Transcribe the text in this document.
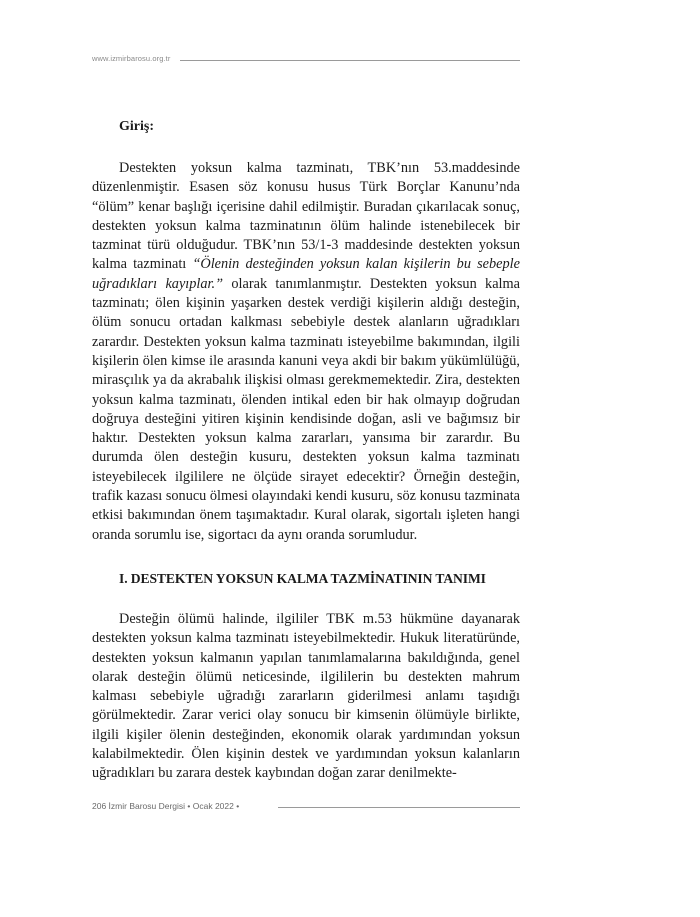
www.izmirbarosu.org.tr
Giriş:

Destekten yoksun kalma tazminatı, TBK’nın 53.maddesinde düzenlenmiştir. Esasen söz konusu husus Türk Borçlar Kanunu’nda “ölüm” kenar başlığı içerisine dahil edilmiştir. Buradan çıkarılacak sonuç, destekten yoksun kalma tazminatının ölüm halinde istenebilecek bir tazminat türü olduğudur. TBK’nın 53/1-3 maddesinde destekten yoksun kalma tazminatı “Ölenin desteğinden yoksun kalan kişilerin bu sebeple uğradıkları kayıplar.” olarak tanımlanmıştır. Destekten yoksun kalma tazminatı; ölen kişinin yaşarken destek verdiği kişilerin aldığı desteğin, ölüm sonucu ortadan kalkması sebebiyle destek alanların uğradıkları zarardır. Destekten yoksun kalma tazminatı isteyebilme bakımından, ilgili kişilerin ölen kimse ile arasında kanuni veya akdi bir bakım yükümlülüğü, mirasçılık ya da akrabalık ilişkisi olması gerekmemektedir. Zira, destekten yoksun kalma tazminatı, ölenden intikal eden bir hak olmayıp doğrudan doğruya desteğini yitiren kişinin kendisinde doğan, asli ve bağımsız bir haktır. Destekten yoksun kalma zararları, yansıma bir zarardır. Bu durumda ölen desteğin kusuru, destekten yoksun kalma tazminatı isteyebilecek ilgililere ne ölçüde sirayet edecektir? Örneğin desteğin, trafik kazası sonucu ölmesi olayındaki kendi kusuru, söz konusu tazminata etkisi bakımından önem taşımaktadır. Kural olarak, sigortalı işleten hangi oranda sorumlu ise, sigortacı da aynı oranda sorumludur.

I. DESTEKTEN YOKSUN KALMA TAZMİNATININ TANIMI

Desteğin ölümü halinde, ilgililer TBK m.53 hükmüne dayanarak destekten yoksun kalma tazminatı isteyebilmektedir. Hukuk literatüründe, destekten yoksun kalmanın yapılan tanımlamalarına bakıldığında, genel olarak desteğin ölümü neticesinde, ilgililerin bu destekten mahrum kalması sebebiyle uğradığı zararların giderilmesi anlamı taşıdığı görülmektedir. Zarar verici olay sonucu bir kimsenin ölümüyle birlikte, ilgili kişiler ölenin desteğinden, ekonomik olarak yardımından yoksun kalabilmektedir. Ölen kişinin destek ve yardımından yoksun kalanların uğradıkları bu zarara destek kaybından doğan zarar denilmekte-

206 İzmir Barosu Dergisi • Ocak 2022 •
